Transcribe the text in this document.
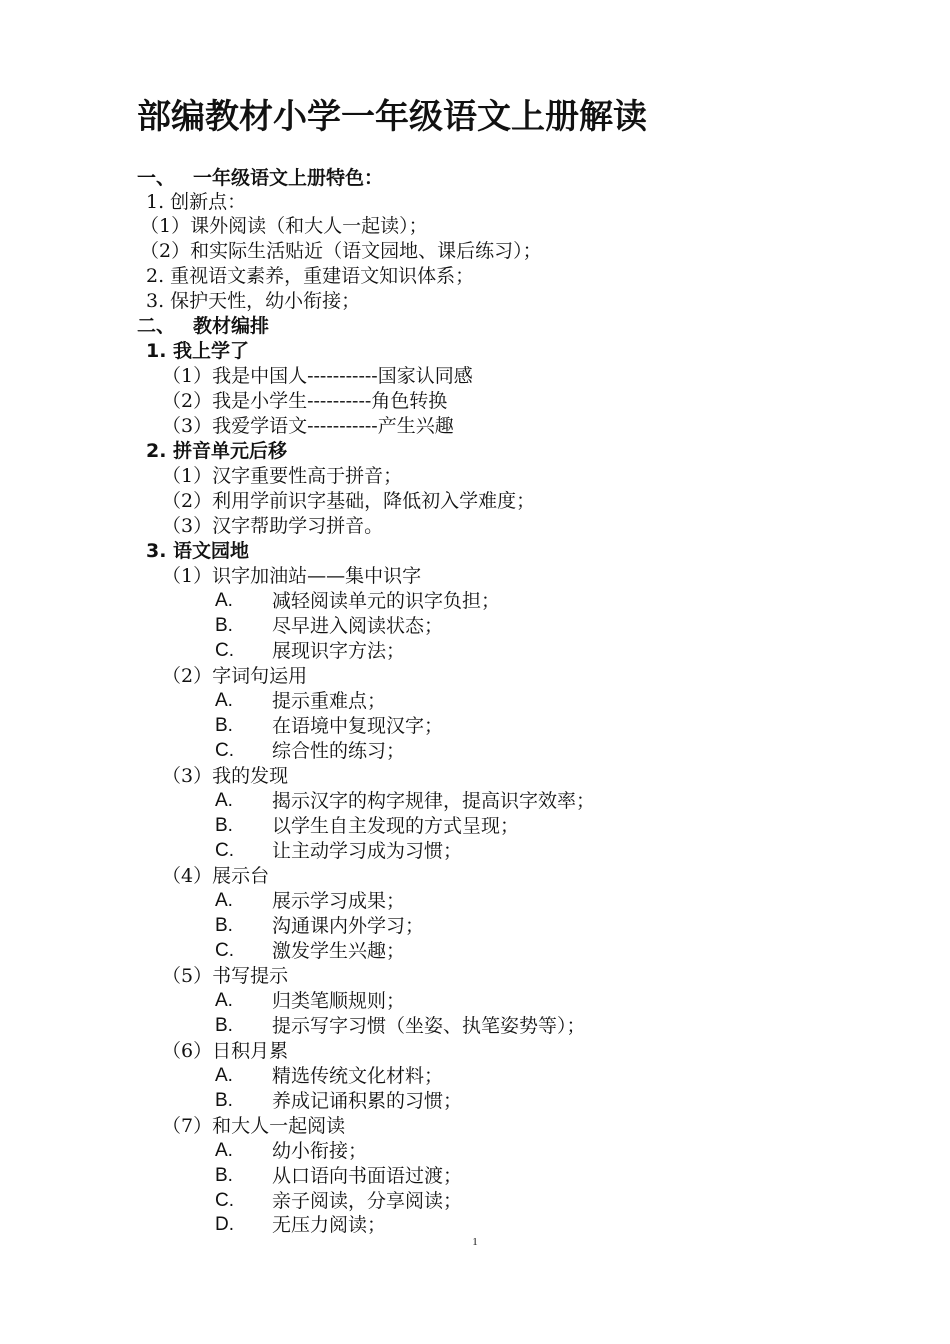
部编教材小学一年级语文上册解读
一、 一年级语文上册特色：
1. 创新点：
（1）课外阅读（和大人一起读）；
（2）和实际生活贴近（语文园地、课后练习）；
2. 重视语文素养，重建语文知识体系；
3. 保护天性，幼小衔接；
二、 教材编排
1. 我上学了
（1）我是中国人-----------国家认同感
（2）我是小学生----------角色转换
（3）我爱学语文-----------产生兴趣
2. 拼音单元后移
（1）汉字重要性高于拼音；
（2）利用学前识字基础，降低初入学难度；
（3）汉字帮助学习拼音。
3. 语文园地
（1）识字加油站——集中识字
A.	减轻阅读单元的识字负担；
B.	尽早进入阅读状态；
C.	展现识字方法；
（2）字词句运用
A.	提示重难点；
B.	在语境中复现汉字；
C.	综合性的练习；
（3）我的发现
A.	揭示汉字的构字规律，提高识字效率；
B.	以学生自主发现的方式呈现；
C.	让主动学习成为习惯；
（4）展示台
A.	展示学习成果；
B.	沟通课内外学习；
C.	激发学生兴趣；
（5）书写提示
A.	归类笔顺规则；
B.	提示写字习惯（坐姿、执笔姿势等）；
（6）日积月累
A.	精选传统文化材料；
B.	养成记诵积累的习惯；
（7）和大人一起阅读
A.	幼小衔接；
B.	从口语向书面语过渡；
C.	亲子阅读，分享阅读；
D.	无压力阅读；
1
